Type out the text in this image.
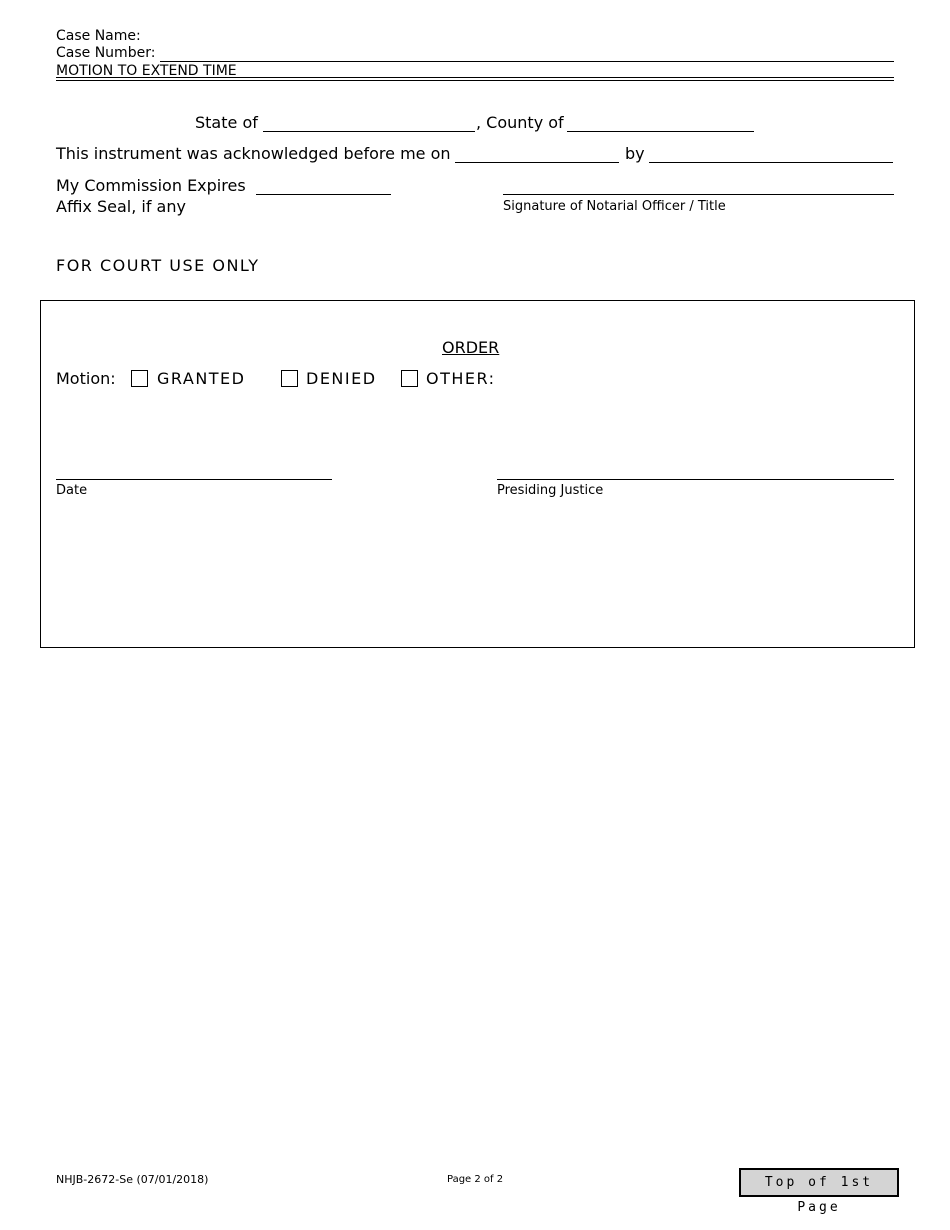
Case Name:
Case Number:
MOTION TO EXTEND TIME
State of	, County of
This instrument was acknowledged before me on	by
My Commission Expires
Affix Seal, if any	Signature of Notarial Officer / Title
FOR COURT USE ONLY
ORDER
Motion:	GRANTED	DENIED	OTHER:
Date	Presiding Justice
NHJB-2672-Se (07/01/2018)	Page 2 of 2	Top of 1st Page
